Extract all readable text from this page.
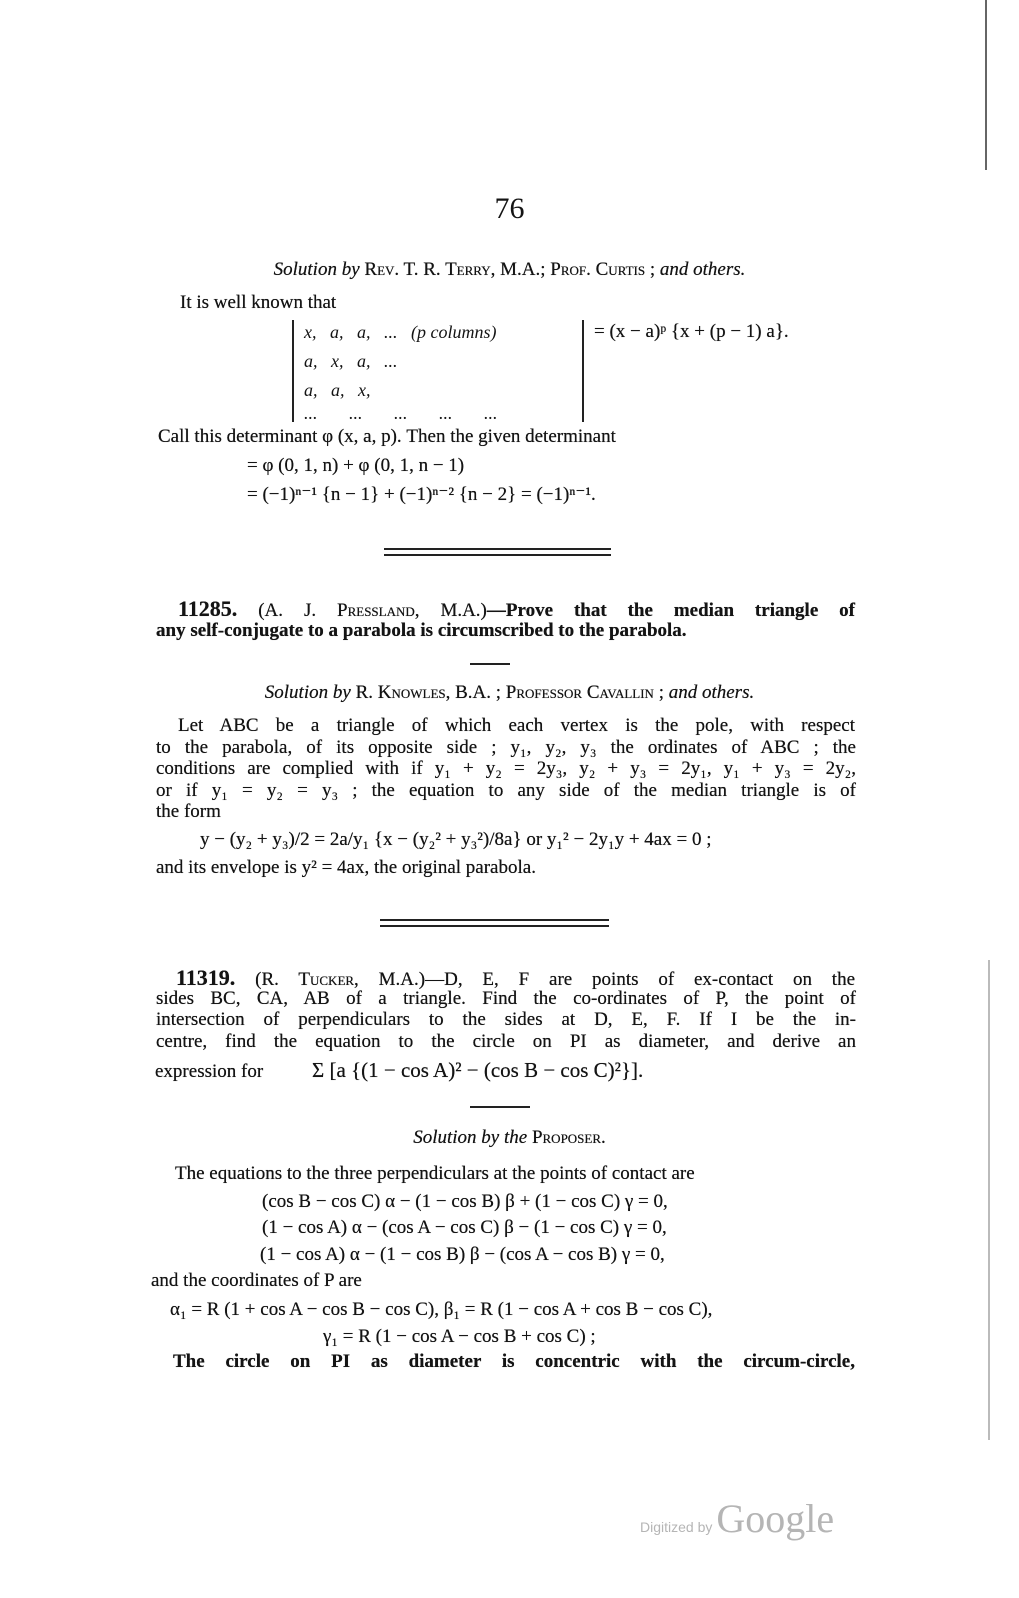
76
Solution by Rev. T. R. Terry, M.A.; Prof. Curtis ; and others.
It is well known that
x,   a,   a,   ...   (p columns)
a,   x,   a,   ...
a,   a,   x,
...       ...       ...       ...       ...
= (x − a)ᵖ {x + (p − 1) a}.
Call this determinant φ (x, a, p). Then the given determinant
= φ (0, 1, n) + φ (0, 1, n − 1)
= (−1)ⁿ⁻¹ {n − 1} + (−1)ⁿ⁻² {n − 2} = (−1)ⁿ⁻¹.
11285. (A. J. Pressland, M.A.)—Prove that the median triangle of
any self-conjugate to a parabola is circumscribed to the parabola.
Solution by R. Knowles, B.A. ; Professor Cavallin ; and others.
Let ABC be a triangle of which each vertex is the pole, with respect
to the parabola, of its opposite side ; y₁, y₂, y₃ the ordinates of ABC ; the
conditions are complied with if y₁ + y₂ = 2y₃, y₂ + y₃ = 2y₁, y₁ + y₃ = 2y₂,
or if y₁ = y₂ = y₃ ; the equation to any side of the median triangle is of
the form
y − (y₂ + y₃)/2 = 2a/y₁ {x − (y₂² + y₃²)/8a} or y₁² − 2y₁y + 4ax = 0 ;
and its envelope is y² = 4ax, the original parabola.
11319. (R. Tucker, M.A.)—D, E, F are points of ex-contact on the
sides BC, CA, AB of a triangle. Find the co-ordinates of P, the point of
intersection of perpendiculars to the sides at D, E, F. If I be the in-
centre, find the equation to the circle on PI as diameter, and derive an
expression for Σ [a {(1 − cos A)² − (cos B − cos C)²}].
Solution by the Proposer.
The equations to the three perpendiculars at the points of contact are
(cos B − cos C) α − (1 − cos B) β + (1 − cos C) γ = 0,
(1 − cos A) α − (cos A − cos C) β − (1 − cos C) γ = 0,
(1 − cos A) α − (1 − cos B) β − (cos A − cos B) γ = 0,
and the coordinates of P are
α₁ = R (1 + cos A − cos B − cos C), β₁ = R (1 − cos A + cos B − cos C),
γ₁ = R (1 − cos A − cos B + cos C) ;
The circle on PI as diameter is concentric with the circum-circle,
Digitized by Google
